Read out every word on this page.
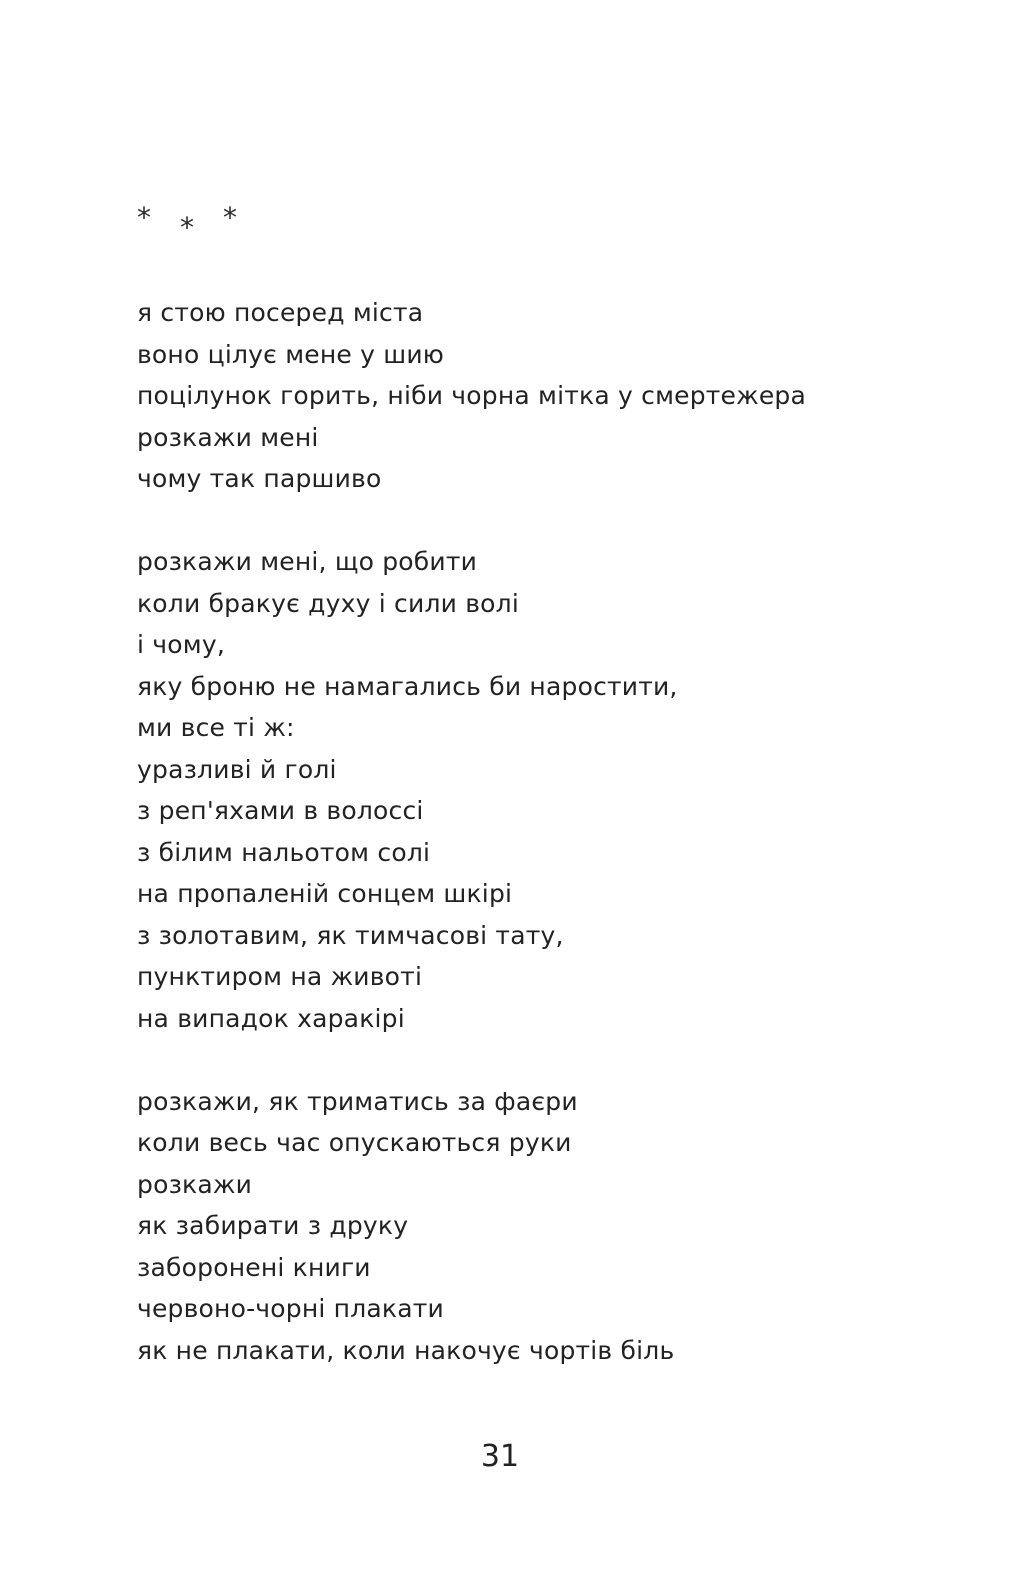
* * *

я стою посеред міста
воно цілує мене у шию
поцілунок горить, ніби чорна мітка у смертежера
розкажи мені
чому так паршиво

розкажи мені, що робити
коли бракує духу і сили волі
і чому,
яку броню не намагались би наростити,
ми все ті ж:
уразливі й голі
з реп'яхами в волоссі
з білим нальотом солі
на пропаленій сонцем шкірі
з золотавим, як тимчасові тату,
пунктиром на животі
на випадок харакірі

розкажи, як триматись за фаєри
коли весь час опускаються руки
розкажи
як забирати з друку
заборонені книги
червоно-чорні плакати
як не плакати, коли накочує чортів біль

31
